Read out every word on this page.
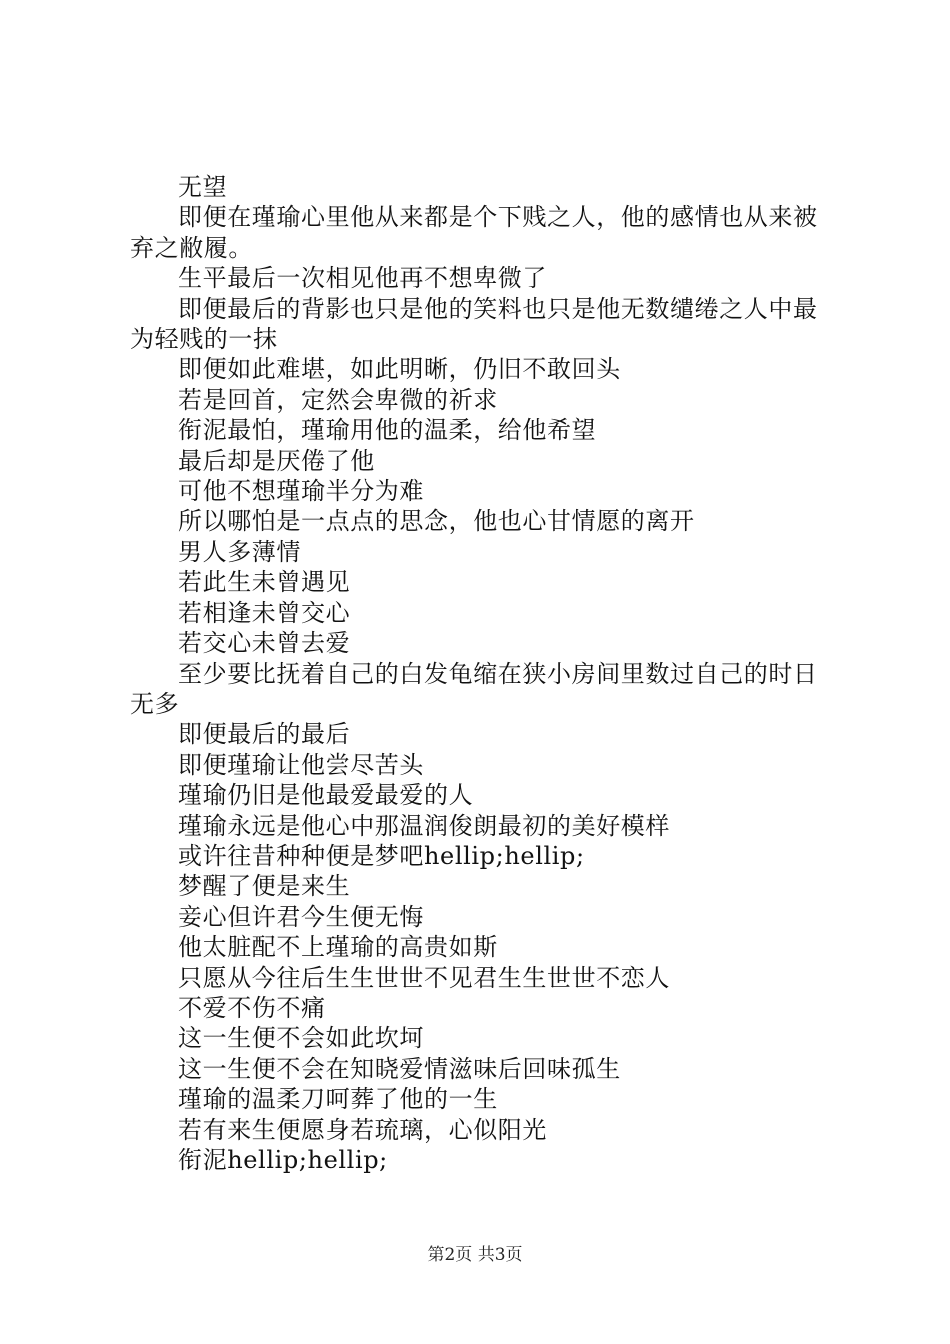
无望

即便在瑾瑜心里他从来都是个下贱之人，他的感情也从来被弃之敝履。

生平最后一次相见他再不想卑微了

即便最后的背影也只是他的笑料也只是他无数缱绻之人中最为轻贱的一抹

即便如此难堪，如此明晰，仍旧不敢回头

若是回首，定然会卑微的祈求

衔泥最怕，瑾瑜用他的温柔，给他希望

最后却是厌倦了他

可他不想瑾瑜半分为难

所以哪怕是一点点的思念，他也心甘情愿的离开

男人多薄情

若此生未曾遇见

若相逢未曾交心

若交心未曾去爱

至少要比抚着自己的白发龟缩在狭小房间里数过自己的时日无多

即便最后的最后

即便瑾瑜让他尝尽苦头

瑾瑜仍旧是他最爱最爱的人

瑾瑜永远是他心中那温润俊朗最初的美好模样

或许往昔种种便是梦吧hellip;hellip;

梦醒了便是来生

妾心但许君今生便无悔

他太脏配不上瑾瑜的高贵如斯

只愿从今往后生生世世不见君生生世世不恋人

不爱不伤不痛

这一生便不会如此坎坷

这一生便不会在知晓爱情滋味后回味孤生

瑾瑜的温柔刀呵葬了他的一生

若有来生便愿身若琉璃，心似阳光

衔泥hellip;hellip;

第2页 共3页
